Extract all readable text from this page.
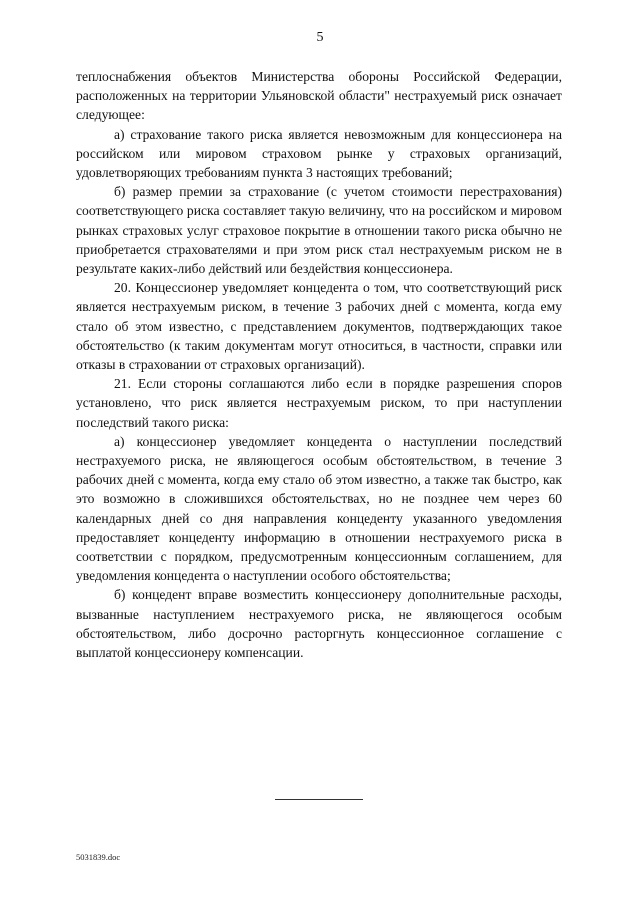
5

теплоснабжения объектов Министерства обороны Российской Федерации, расположенных на территории Ульяновской области" нестрахуемый риск означает следующее:

а) страхование такого риска является невозможным для концессионера на российском или мировом страховом рынке у страховых организаций, удовлетворяющих требованиям пункта 3 настоящих требований;

б) размер премии за страхование (с учетом стоимости перестрахования) соответствующего риска составляет такую величину, что на российском и мировом рынках страховых услуг страховое покрытие в отношении такого риска обычно не приобретается страхователями и при этом риск стал нестрахуемым риском не в результате каких-либо действий или бездействия концессионера.

20. Концессионер уведомляет концедента о том, что соответствующий риск является нестрахуемым риском, в течение 3 рабочих дней с момента, когда ему стало об этом известно, с представлением документов, подтверждающих такое обстоятельство (к таким документам могут относиться, в частности, справки или отказы в страховании от страховых организаций).

21. Если стороны соглашаются либо если в порядке разрешения споров установлено, что риск является нестрахуемым риском, то при наступлении последствий такого риска:

а) концессионер уведомляет концедента о наступлении последствий нестрахуемого риска, не являющегося особым обстоятельством, в течение 3 рабочих дней с момента, когда ему стало об этом известно, а также так быстро, как это возможно в сложившихся обстоятельствах, но не позднее чем через 60 календарных дней со дня направления концеденту указанного уведомления предоставляет концеденту информацию в отношении нестрахуемого риска в соответствии с порядком, предусмотренным концессионным соглашением, для уведомления концедента о наступлении особого обстоятельства;

б) концедент вправе возместить концессионеру дополнительные расходы, вызванные наступлением нестрахуемого риска, не являющегося особым обстоятельством, либо досрочно расторгнуть концессионное соглашение с выплатой концессионеру компенсации.

5031839.doc
